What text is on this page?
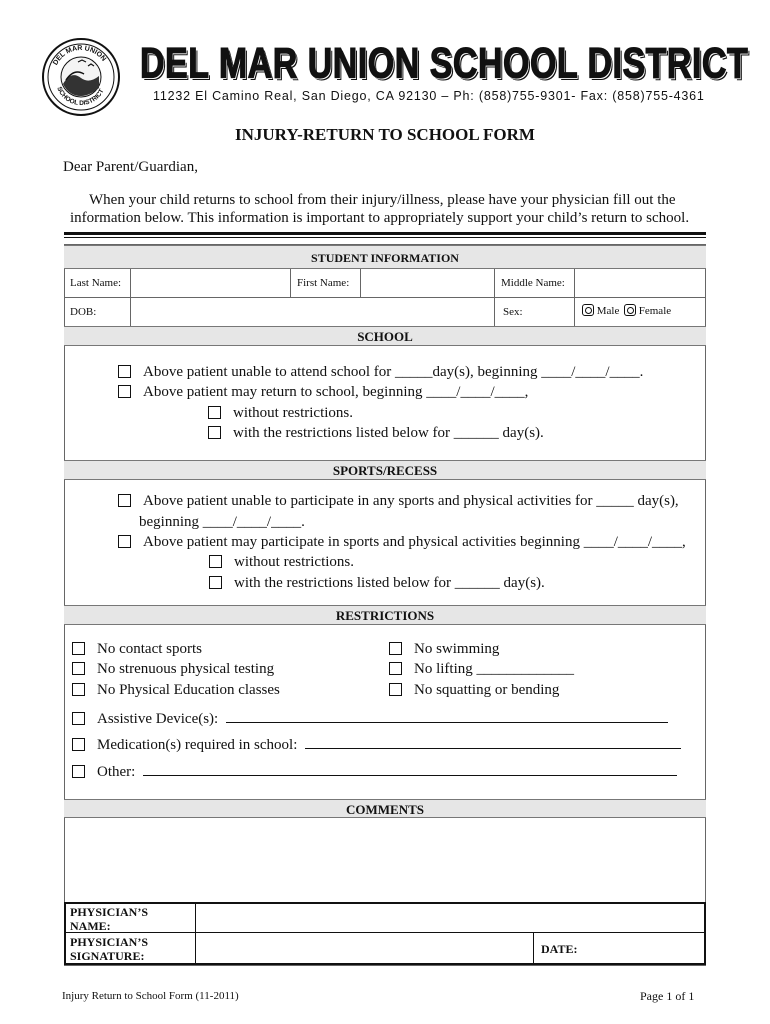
DEL MAR UNION
SCHOOL DISTRICT
DEL MAR UNION SCHOOL DISTRICT
11232 El Camino Real, San Diego, CA 92130 – Ph: (858)755-9301- Fax: (858)755-4361
INJURY-RETURN TO SCHOOL FORM
Dear Parent/Guardian,
When your child returns to school from their injury/illness, please have your physician fill out the
information below. This information is important to appropriately support your child’s return to school.
STUDENT INFORMATION
Last Name:	First Name:	Middle Name:
DOB:	Sex:	Male	Female
SCHOOL
Above patient unable to attend school for _____day(s), beginning ____/____/____.
Above patient may return to school, beginning ____/____/____,
without restrictions.
with the restrictions listed below for ______ day(s).
SPORTS/RECESS
Above patient unable to participate in any sports and physical activities for _____ day(s),
beginning ____/____/____.
Above patient may participate in sports and physical activities beginning ____/____/____,
without restrictions.
with the restrictions listed below for ______ day(s).
RESTRICTIONS
No contact sports
No strenuous physical testing
No Physical Education classes
No swimming
No lifting _____________
No squatting or bending
Assistive Device(s):
Medication(s) required in school:
Other:
COMMENTS
PHYSICIAN’S
NAME:
PHYSICIAN’S
SIGNATURE:	DATE:
Injury Return to School Form (11-2011)	Page 1 of 1
